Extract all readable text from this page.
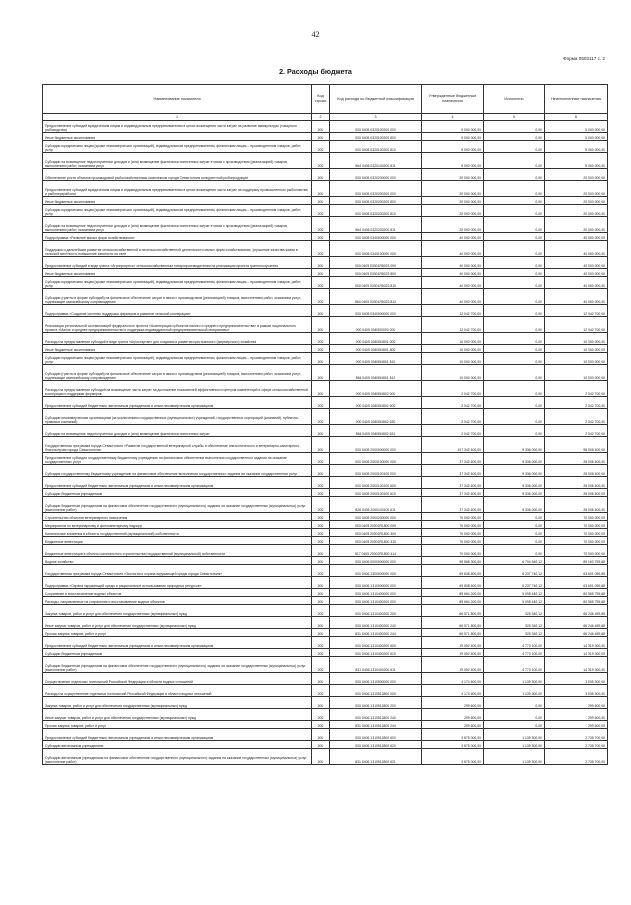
42
Форма 0503117 с. 2
2. Расходы бюджета
Наименование показателя	Код строки	Код расхода по бюджетной классификации	Утвержденные бюджетные назначения	Исполнено	Неисполненные назначения
1	2	3	4	5	6
Предоставление субсидий юридическим лицам и индивидуальным предпринимателям в целях возмещения части затрат на развитие аквакультуры (товарного рыбоводства)	200	000 0405 0320100200 000	5 000 000,00	0,00	5 000 000,00
Иные бюджетные ассигнования	200	000 0405 0320100200 800	5 000 000,00	0,00	5 000 000,00
Субсидии юридическим лицам (кроме некоммерческих организаций), индивидуальным предпринимателям, физическим лицам – производителям товаров, работ, услуг	200	000 0405 0320100200 810	5 000 000,00	0,00	5 000 000,00
Субсидии на возмещение недополученных доходов и (или) возмещение фактически понесенных затрат в связи с производством (реализацией) товаров, выполнением работ, оказанием услуг	200	864 0405 0320100200 811	5 000 000,00	0,00	5 000 000,00
Обеспечение роста объемов производимой рыбохозяйственным комплексом города Севастополя конкурентной рыбопродукции	200	000 0405 0320200000 000	20 000 000,00	0,00	20 000 000,00
Предоставление субсидий юридическим лицам и индивидуальным предпринимателям в целях возмещения части затрат на поддержку промышленного рыболовства и рыбопереработки	200	000 0405 0320200200 000	20 000 000,00	0,00	20 000 000,00
Иные бюджетные ассигнования	200	000 0405 0320200200 800	20 000 000,00	0,00	20 000 000,00
Субсидии юридическим лицам (кроме некоммерческих организаций), индивидуальным предпринимателям, физическим лицам – производителям товаров, работ, услуг	200	000 0405 0320200200 810	20 000 000,00	0,00	20 000 000,00
Субсидии на возмещение недополученных доходов и (или) возмещение фактически понесенных затрат в связи с производством (реализацией) товаров, выполнением работ, оказанием услуг	200	864 0405 0320200200 811	20 000 000,00	0,00	20 000 000,00
Подпрограмма «Развитие малых форм хозяйствования»	200	000 0405 0340000000 000	40 000 000,00	0,00	40 000 000,00
Поддержка и дальнейшее развитие сельскохозяйственной и несельскохозяйственной деятельности малых форм хозяйствования, улучшение качества жизни в сельской местности, повышение занятости на селе	200	000 0405 0340100000 000	40 000 000,00	0,00	40 000 000,00
Предоставление субсидий в виде гранта «Агропрогресс» сельскохозяйственным товаропроизводителям на реализацию проекта грантополучателя	200	000 0405 03301R5023 000	40 000 000,00	0,00	40 000 000,00
Иные бюджетные ассигнования	200	000 0405 03301R5023 800	40 000 000,00	0,00	40 000 000,00
Субсидии юридическим лицам (кроме некоммерческих организаций), индивидуальным предпринимателям, физическим лицам – производителям товаров, работ, услуг	200	000 0405 03301R5023 810	40 000 000,00	0,00	40 000 000,00
Субсидии (гранты в форме субсидий) на финансовое обеспечение затрат в связи с производством (реализацией) товаров, выполнением работ, оказанием услуг, подлежащие казначейскому сопровождению	200	864 0405 03301R5023 812	40 000 000,00	0,00	40 000 000,00
Подпрограмма «Создание системы поддержки фермеров и развитие сельской кооперации»	200	000 0405 0340000000 000	12 042 700,00	0,00	12 042 700,00
Реализация региональной составляющей федерального проекта «Акселерация субъектов малого и среднего предпринимательства» в рамках национального проекта «Малое и среднее предпринимательство и поддержка индивидуальной предпринимательской инициативы»	200	000 0405 034I500000 000	12 042 700,00	0,00	12 042 700,00
Расходы на предоставление субсидий в виде гранта «Агростартап» для создания и развития крестьянского (фермерского) хозяйства	200	000 0405 034I554801 000	10 000 000,00	0,00	10 000 000,00
Иные бюджетные ассигнования	200	000 0405 034I554801 800	10 000 000,00	0,00	10 000 000,00
Субсидии юридическим лицам (кроме некоммерческих организаций), индивидуальным предпринимателям, физическим лицам – производителям товаров, работ, услуг	200	000 0405 034I554801 810	10 000 000,00	0,00	10 000 000,00
Субсидии (гранты в форме субсидий) на финансовое обеспечение затрат в связи с производством (реализацией) товаров, выполнением работ, оказанием услуг, подлежащие казначейскому сопровождению	200	864 0405 034I554801 812	10 000 000,00	0,00	10 000 000,00
Расходы на предоставление субсидий на возмещение части затрат на достижение показателей эффективности центров компетенций в сфере сельскохозяйственной кооперации и поддержки фермеров	200	000 0405 034I554802 000	2 042 700,00	0,00	2 042 700,00
Предоставление субсидий бюджетным, автономным учреждениям и иным некоммерческим организациям	200	000 0405 034I554802 600	2 042 700,00	0,00	2 042 700,00
Субсидии некоммерческим организациям (за исключением государственных (муниципальных) учреждений, государственных корпораций (компаний), публично-правовых компаний)	200	000 0405 034I554802 630	2 042 700,00	0,00	2 042 700,00
Субсидии на возмещение недополученных доходов и (или) возмещение фактически понесенных затрат	200	864 0405 034I554802 631	2 042 700,00	0,00	2 042 700,00
Государственная программа города Севастополя «Развитие государственной ветеринарной службы и обеспечение эпизоотического и ветеринарно-санитарного благополучия города Севастополя»	200	000 0405 2000000000 000	107 342 400,00	9 336 000,00	98 006 400,00
Предоставление субсидии государственному бюджетному учреждению на финансовое обеспечение выполнения государственного задания на оказание государственных услуг	200	000 0405 2000100000 000	37 342 400,00	9 336 000,00	28 006 400,00
Субсидия государственному бюджетному учреждению на финансовое обеспечение выполнения государственного задания на оказание государственных услуг	200	000 0405 2000100100 000	37 342 400,00	9 336 000,00	28 006 400,00
Предоставление субсидий бюджетным, автономным учреждениям и иным некоммерческим организациям	200	000 0405 2000100100 600	37 342 400,00	9 336 000,00	28 006 400,00
Субсидии бюджетным учреждениям	200	000 0405 2000100100 610	37 342 400,00	9 336 000,00	28 006 400,00
Субсидии бюджетным учреждениям на финансовое обеспечение государственного (муниципального) задания на оказание государственных (муниципальных) услуг (выполнение работ)	200	826 0405 2000100100 611	37 342 400,00	9 336 000,00	28 006 400,00
Строительство объектов ветеринарного назначения	200	000 0405 2000200000 000	70 000 000,00	0,00	70 000 000,00
Мероприятия по ветеринарному и фитосанитарному надзору	200	000 0405 20002R1800 000	70 000 000,00	0,00	70 000 000,00
Капитальные вложения в объекты государственной (муниципальной) собственности	200	000 0405 20002R1800 400	70 000 000,00	0,00	70 000 000,00
Бюджетные инвестиции	200	000 0405 20002R1800 410	70 000 000,00	0,00	70 000 000,00
Бюджетные инвестиции в объекты капитального строительства государственной (муниципальной) собственности	200	817 0405 20002R1800 414	70 000 000,00	0,00	70 000 000,00
Водное хозяйство	200	000 0406 0000000000 000	95 868 300,00	6 704 540,12	89 163 759,88
Государственная программа города Севастополя «Экология и охрана окружающей среды города Севастополя»	200	000 0406 1300000000 000	69 838 600,00	6 237 740,12	63 601 059,88
Подпрограмма «Охрана окружающей среды и рациональное использование природных ресурсов»	200	000 0406 1310000000 000	69 838 600,00	6 237 740,12	63 601 059,88
Сохранение и восстановление водных объектов	200	000 0406 1310400000 000	85 664 200,00	5 098 440,12	80 565 759,88
Расходы, направленные на сохранение и восстановление водных объектов	200	000 0406 1310400200 000	85 664 200,00	5 098 440,12	80 565 759,88
Закупка товаров, работ и услуг для обеспечения государственных (муниципальных) нужд	200	000 0406 1310400200 200	66 571 800,00	325 340,12	66 246 459,88
Иные закупки товаров, работ и услуг для обеспечения государственных (муниципальных) нужд	200	000 0406 1310400200 240	66 571 800,00	325 340,12	66 246 459,88
Прочая закупка товаров, работ и услуг	200	831 0406 1310400200 244	66 571 800,00	325 340,12	66 246 459,88
Предоставление субсидий бюджетным, автономным учреждениям и иным некоммерческим организациям	200	000 0406 1310400200 600	19 092 400,00	4 773 100,00	14 319 300,00
Субсидии бюджетным учреждениям	200	000 0406 1310400200 610	19 092 400,00	4 773 100,00	14 319 300,00
Субсидии бюджетным учреждениям на финансовое обеспечение государственного (муниципального) задания на оказание государственных (муниципальных) услуг (выполнение работ)	200	831 0406 1310400200 611	19 092 400,00	4 773 100,00	14 319 300,00
Осуществление отдельных полномочий Российской Федерации в области водных отношений	200	000 0406 1310500000 000	4 174 600,00	1 139 300,00	3 035 300,00
Расходы на осуществление отдельных полномочий Российской Федерации в области водных отношений	200	000 0406 1310512800 000	4 174 600,00	1 139 300,00	3 035 300,00
Закупка товаров, работ и услуг для обеспечения государственных (муниципальных) нужд	200	000 0406 1310512800 200	299 600,00	0,00	299 600,00
Иные закупки товаров, работ и услуг для обеспечения государственных (муниципальных) нужд	200	000 0406 1310512800 240	299 600,00	0,00	299 600,00
Прочая закупка товаров, работ и услуг	200	831 0406 1310512800 244	299 600,00	0,00	299 600,00
Предоставление субсидий бюджетным, автономным учреждениям и иным некоммерческим организациям	200	000 0406 1310512800 600	3 875 000,00	1 139 300,00	2 735 700,00
Субсидии автономным учреждениям	200	000 0406 1310512800 620	3 875 000,00	1 139 300,00	2 735 700,00
Субсидии автономным учреждениям на финансовое обеспечение государственного (муниципального) задания на оказание государственных (муниципальных) услуг (выполнение работ)	200	831 0406 1310512800 621	3 875 000,00	1 139 300,00	2 735 700,00
